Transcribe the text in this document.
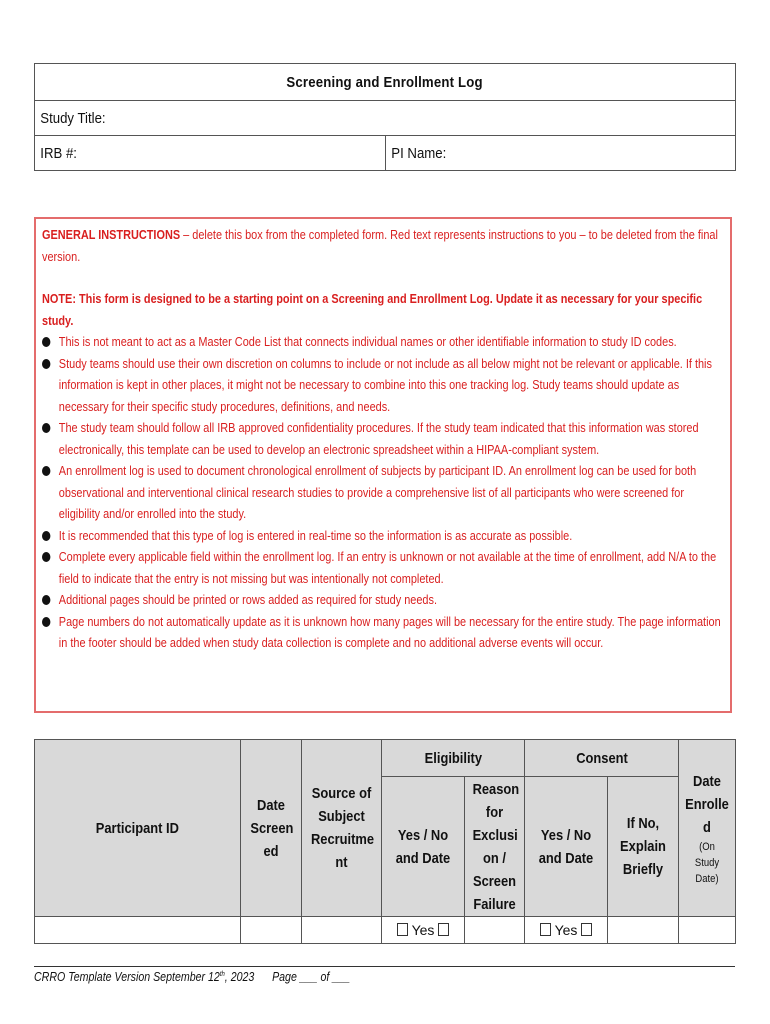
Screening and Enrollment Log
Study Title:
IRB #:	PI Name:

GENERAL INSTRUCTIONS – delete this box from the completed form. Red text represents instructions to you – to be deleted from the final version.

NOTE: This form is designed to be a starting point on a Screening and Enrollment Log. Update it as necessary for your specific study.

This is not meant to act as a Master Code List that connects individual names or other identifiable information to study ID codes.
Study teams should use their own discretion on columns to include or not include as all below might not be relevant or applicable. If this information is kept in other places, it might not be necessary to combine into this one tracking log. Study teams should update as necessary for their specific study procedures, definitions, and needs.
The study team should follow all IRB approved confidentiality procedures. If the study team indicated that this information was stored electronically, this template can be used to develop an electronic spreadsheet within a HIPAA-compliant system.
An enrollment log is used to document chronological enrollment of subjects by participant ID. An enrollment log can be used for both observational and interventional clinical research studies to provide a comprehensive list of all participants who were screened for eligibility and/or enrolled into the study.
It is recommended that this type of log is entered in real-time so the information is as accurate as possible.
Complete every applicable field within the enrollment log. If an entry is unknown or not available at the time of enrollment, add N/A to the field to indicate that the entry is not missing but was intentionally not completed.
Additional pages should be printed or rows added as required for study needs.
Page numbers do not automatically update as it is unknown how many pages will be necessary for the entire study. The page information in the footer should be added when study data collection is complete and no additional adverse events will occur.
Participant ID	Date Screen ed	Source of Subject Recruitme nt	Eligibility		Consent		Date Enrolle d
(On Study Date)

			Yes / No and Date	Reason for Exclusi on / Screen Failure	Yes / No and Date	If No, Explain Briefly	

			Yes		Yes		
CRRO Template Version September 12th, 2023 Page ___ of ___
